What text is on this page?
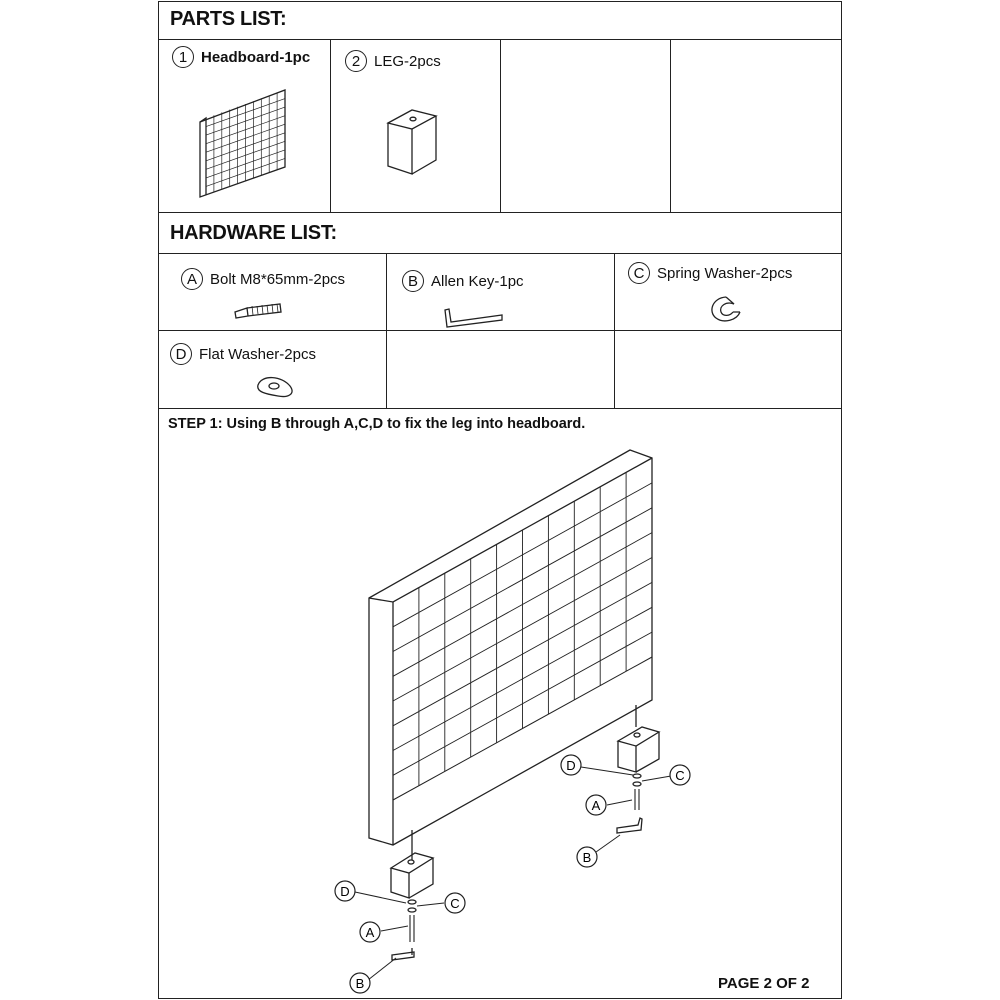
PARTS LIST:
HARDWARE LIST:
1 Headboard-1pc	2 LEG-2pcs
A Bolt M8*65mm-2pcs	B Allen Key-1pc	C Spring Washer-2pcs
D Flat Washer-2pcs
STEP 1: Using B through A,C,D to fix the leg into headboard.
PAGE 2 OF 2
D
C
A
B
D
C
A
B
